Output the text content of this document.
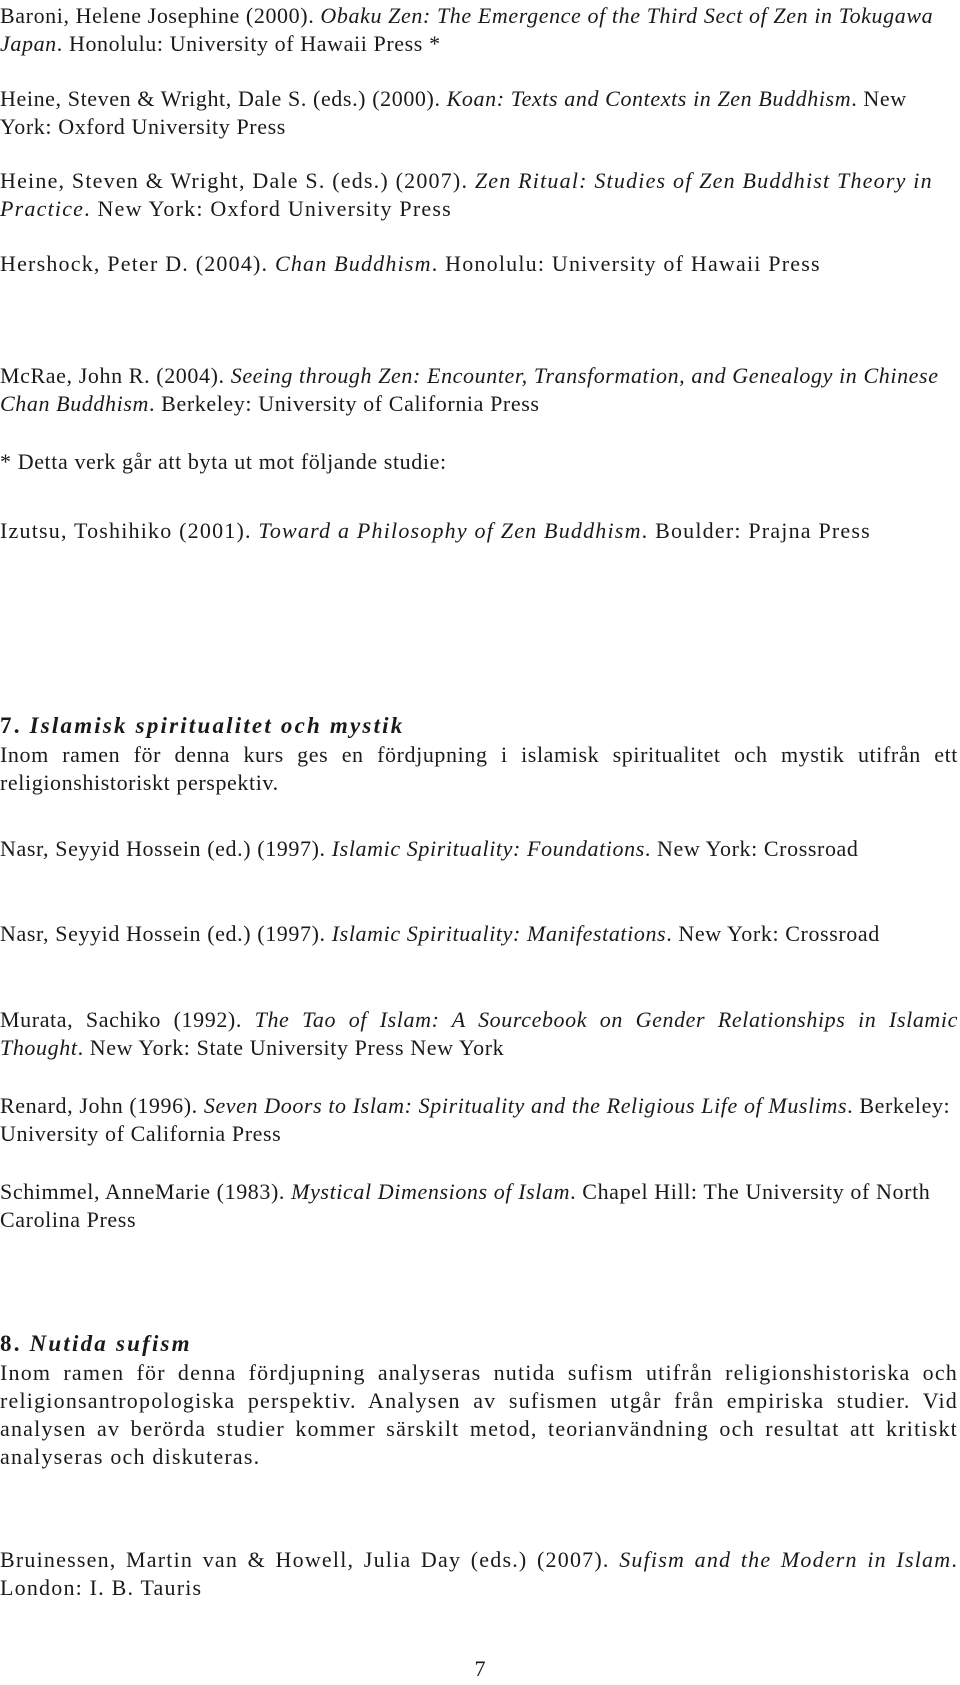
Baroni, Helene Josephine (2000). Obaku Zen: The Emergence of the Third Sect of Zen in Tokugawa Japan. Honolulu: University of Hawaii Press *

Heine, Steven & Wright, Dale S. (eds.) (2000). Koan: Texts and Contexts in Zen Buddhism. New York: Oxford University Press

Heine, Steven & Wright, Dale S. (eds.) (2007). Zen Ritual: Studies of Zen Buddhist Theory in Practice. New York: Oxford University Press

Hershock, Peter D. (2004). Chan Buddhism. Honolulu: University of Hawaii Press

McRae, John R. (2004). Seeing through Zen: Encounter, Transformation, and Genealogy in Chinese Chan Buddhism. Berkeley: University of California Press

* Detta verk går att byta ut mot följande studie:

Izutsu, Toshihiko (2001). Toward a Philosophy of Zen Buddhism. Boulder: Prajna Press

7. Islamisk spiritualitet och mystik

Inom ramen för denna kurs ges en fördjupning i islamisk spiritualitet och mystik utifrån ett religionshistoriskt perspektiv.

Nasr, Seyyid Hossein (ed.) (1997). Islamic Spirituality: Foundations. New York: Crossroad

Nasr, Seyyid Hossein (ed.) (1997). Islamic Spirituality: Manifestations. New York: Crossroad

Murata, Sachiko (1992). The Tao of Islam: A Sourcebook on Gender Relationships in Islamic Thought. New York: State University Press New York

Renard, John (1996). Seven Doors to Islam: Spirituality and the Religious Life of Muslims. Berkeley: University of California Press

Schimmel, AnneMarie (1983). Mystical Dimensions of Islam. Chapel Hill: The University of North Carolina Press

8. Nutida sufism

Inom ramen för denna fördjupning analyseras nutida sufism utifrån religionshistoriska och religionsantropologiska perspektiv. Analysen av sufismen utgår från empiriska studier. Vid analysen av berörda studier kommer särskilt metod, teorianvändning och resultat att kritiskt analyseras och diskuteras.

Bruinessen, Martin van & Howell, Julia Day (eds.) (2007). Sufism and the Modern in Islam. London: I. B. Tauris

7
